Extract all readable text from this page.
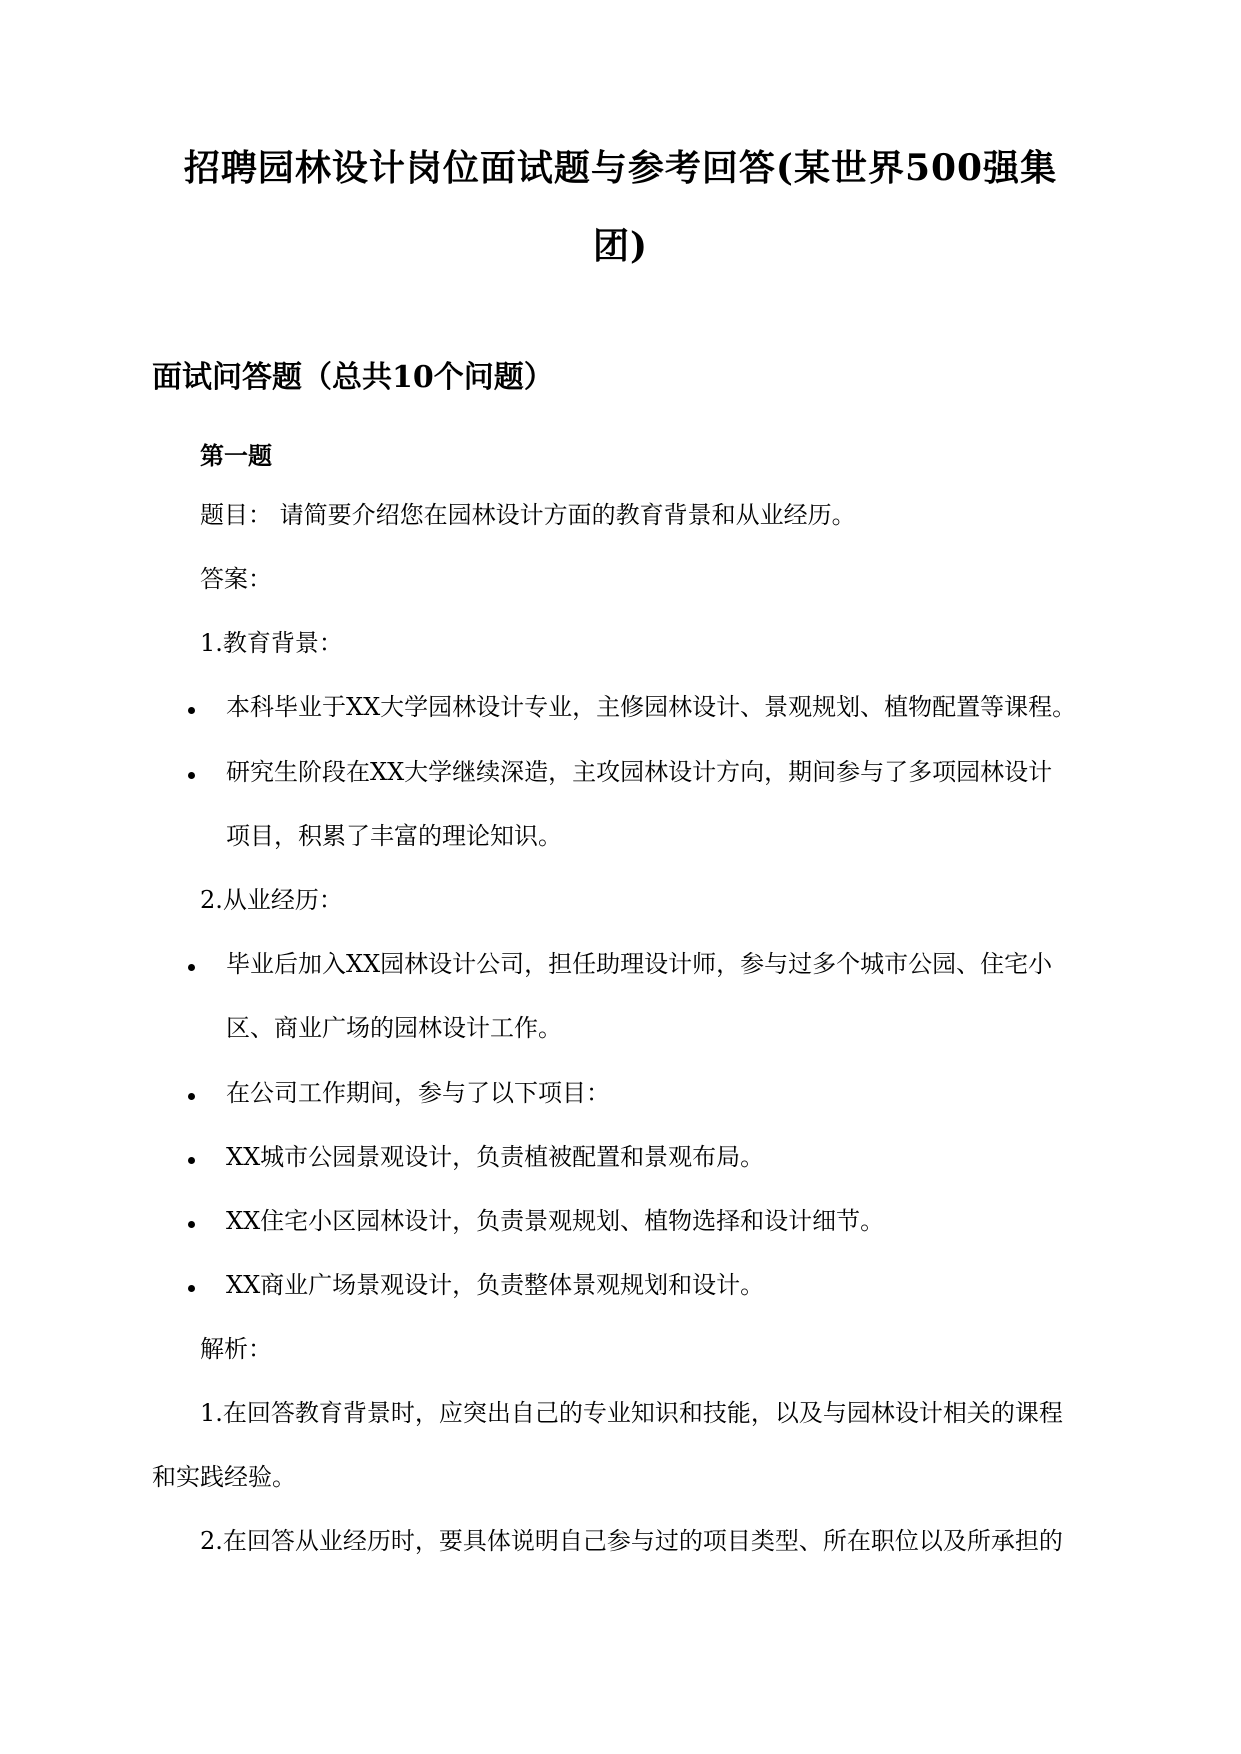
招聘园林设计岗位面试题与参考回答(某世界500强集
团)
面试问答题（总共10个问题）
第一题
题目： 请简要介绍您在园林设计方面的教育背景和从业经历。
答案：
1.教育背景：
本科毕业于XX大学园林设计专业，主修园林设计、景观规划、植物配置等课程。
研究生阶段在XX大学继续深造，主攻园林设计方向，期间参与了多项园林设计
项目，积累了丰富的理论知识。
2.从业经历：
毕业后加入XX园林设计公司，担任助理设计师，参与过多个城市公园、住宅小
区、商业广场的园林设计工作。
在公司工作期间，参与了以下项目：
XX城市公园景观设计，负责植被配置和景观布局。
XX住宅小区园林设计，负责景观规划、植物选择和设计细节。
XX商业广场景观设计，负责整体景观规划和设计。
解析：
1.在回答教育背景时，应突出自己的专业知识和技能，以及与园林设计相关的课程
和实践经验。
2.在回答从业经历时，要具体说明自己参与过的项目类型、所在职位以及所承担的
